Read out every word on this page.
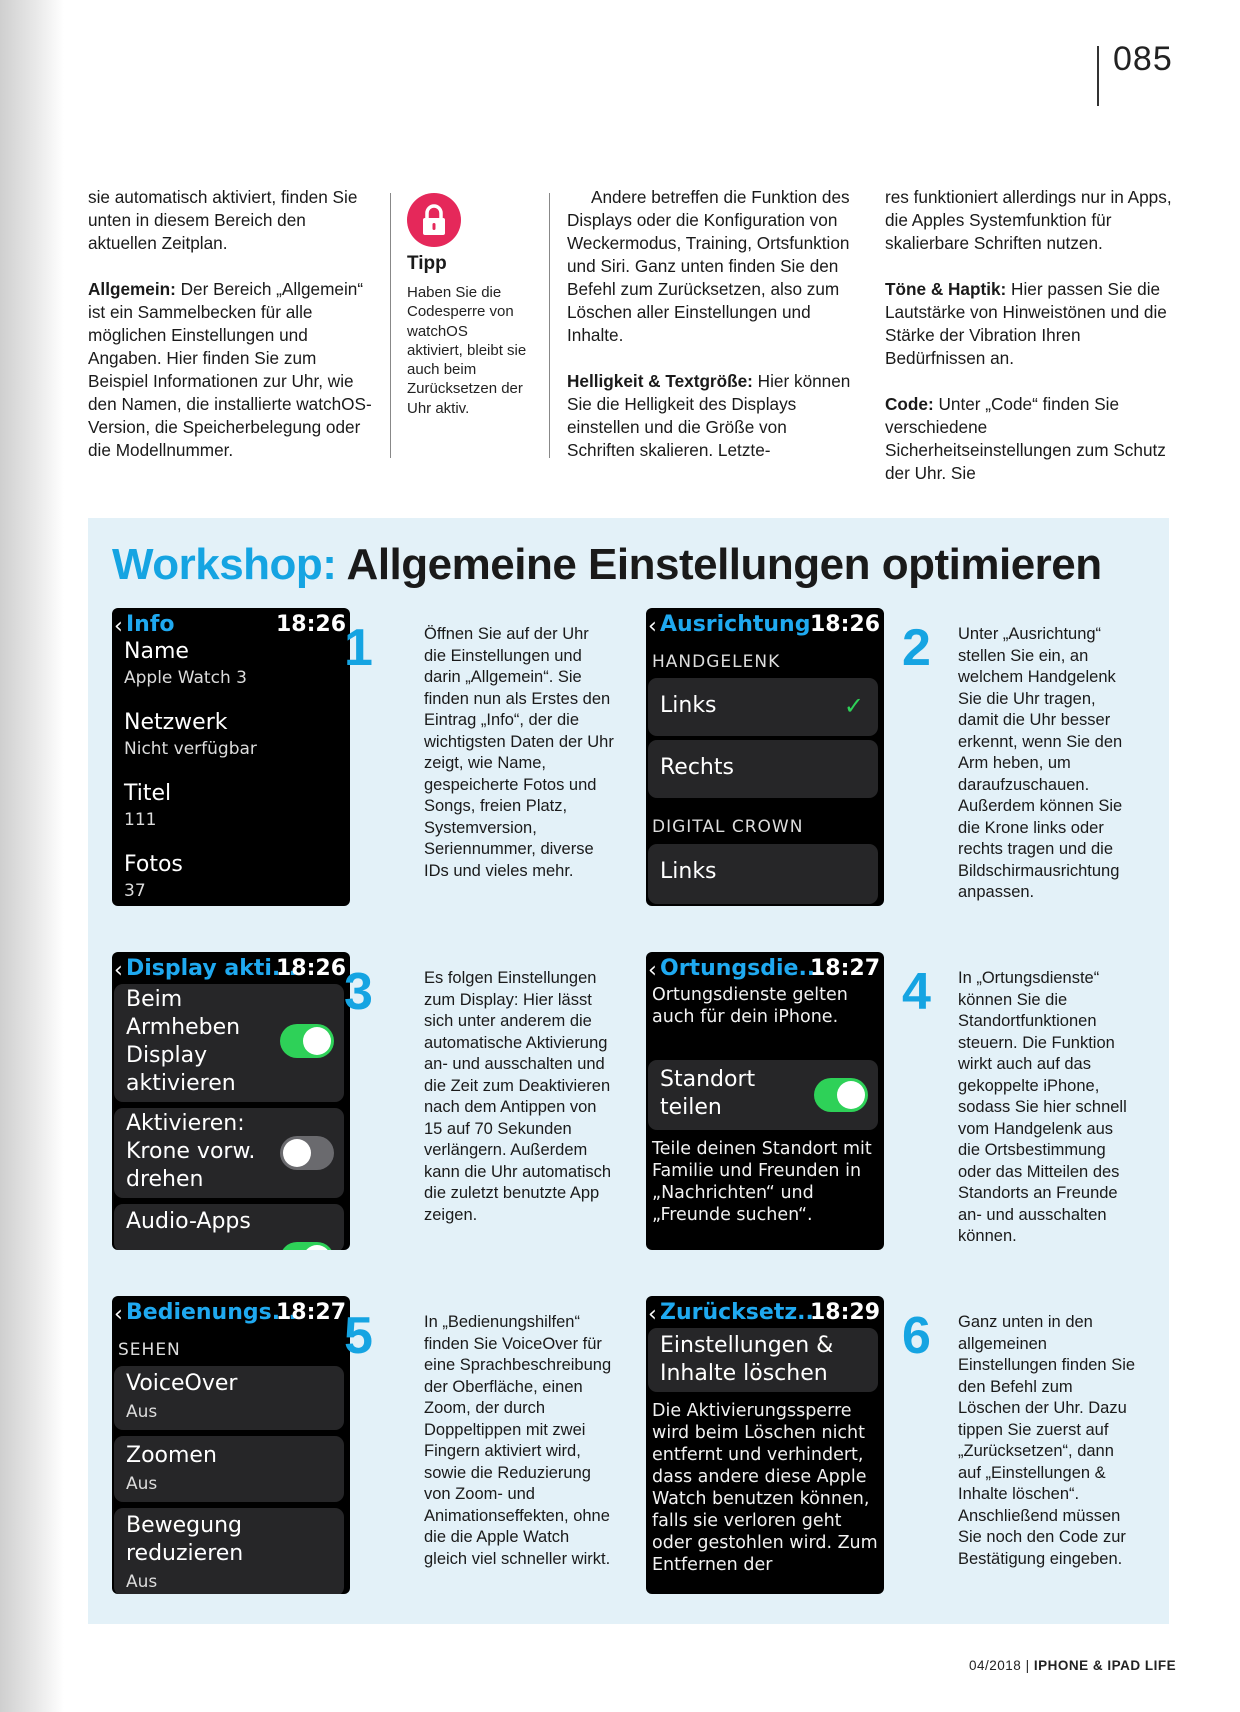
085

sie automatisch aktiviert, finden Sie unten in diesem Bereich den aktuellen Zeitplan.

Allgemein: Der Bereich „Allgemein“ ist ein Sammelbecken für alle möglichen Einstellungen und Angaben. Hier finden Sie zum Beispiel Informationen zur Uhr, wie den Namen, die installierte watchOS-Version, die Speicherbelegung oder die Modellnummer.

Tipp
Haben Sie die Codesperre von watchOS aktiviert, bleibt sie auch beim Zurücksetzen der Uhr aktiv.

Andere betreffen die Funktion des Displays oder die Konfiguration von Weckermodus, Training, Ortsfunktion und Siri. Ganz unten finden Sie den Befehl zum Zurücksetzen, also zum Löschen aller Einstellungen und Inhalte.

Helligkeit & Textgröße: Hier können Sie die Helligkeit des Displays einstellen und die Größe von Schriften skalieren. Letzte-

res funktioniert allerdings nur in Apps, die Apples Systemfunktion für skalierbare Schriften nutzen.

Töne & Haptik: Hier passen Sie die Lautstärke von Hinweistönen und die Stärke der Vibration Ihren Bedürfnissen an.

Code: Unter „Code“ finden Sie verschiedene Sicherheitseinstellungen zum Schutz der Uhr. Sie

Workshop: Allgemeine Einstellungen optimieren
‹ Info	18:26
Name
Apple Watch 3
Netzwerk
Nicht verfügbar
Titel
111
Fotos
37
1	Öffnen Sie auf der Uhr die Einstellungen und darin „Allgemein“. Sie finden nun als Erstes den Eintrag „Info“, der die wichtigsten Daten der Uhr zeigt, wie Name, gespeicherte Fotos und Songs, freien Platz, Systemversion, Seriennummer, diverse IDs und vieles mehr.
‹ Ausrichtung 18:26
HANDGELENK
Links	✓
Rechts
DIGITAL CROWN
Links
2 Unter „Ausrichtung“ stellen Sie ein, an welchem Handgelenk Sie die Uhr tragen, damit die Uhr besser erkennt, wenn Sie den Arm heben, um daraufzuschauen. Außerdem können Sie die Krone links oder rechts tragen und die Bildschirmausrichtung anpassen.
‹ Display akti...
18:26
Beim Armheben Display aktivieren
Aktivieren: Krone vorw. drehen
Audio-Apps
3	Es folgen Einstellungen zum Display: Hier lässt sich unter anderem die automatische Aktivierung an- und ausschalten und die Zeit zum Deaktivieren nach dem Antippen von 15 auf 70 Sekunden verlängern. Außerdem kann die Uhr automatisch die zuletzt benutzte App zeigen.
‹ Ortungsdie...
18:27
Ortungsdienste gelten auch für dein iPhone.
Standort teilen
Teile deinen Standort mit Familie und Freunden in „Nachrichten“ und „Freunde suchen“.
4 In „Ortungsdienste“ können Sie die Standortfunktionen steuern. Die Funktion wirkt auch auf das gekoppelte iPhone, sodass Sie hier schnell vom Handgelenk aus die Ortsbestimmung oder das Mitteilen des Standorts an Freunde an- und ausschalten können.
‹ Bedienungs...
18:27
SEHEN
VoiceOver
Aus
Zoomen
Aus
Bewegung reduzieren
Aus
5	In „Bedienungshilfen“ finden Sie VoiceOver für eine Sprachbeschreibung der Oberfläche, einen Zoom, der durch Doppeltippen mit zwei Fingern aktiviert wird, sowie die Reduzierung von Zoom- und Animationseffekten, ohne die die Apple Watch gleich viel schneller wirkt.
‹ Zurücksetz...
18:29
Einstellungen & Inhalte löschen
Die Aktivierungssperre wird beim Löschen nicht entfernt und verhindert, dass andere diese Apple Watch benutzen können, falls sie verloren geht oder gestohlen wird. Zum Entfernen der
6 Ganz unten in den allgemeinen Einstellungen finden Sie den Befehl zum Löschen der Uhr. Dazu tippen Sie zuerst auf „Zurücksetzen“, dann auf „Einstellungen & Inhalte löschen“. Anschließend müssen Sie noch den Code zur Bestätigung eingeben.
04/2018 | IPHONE & IPAD LIFE
